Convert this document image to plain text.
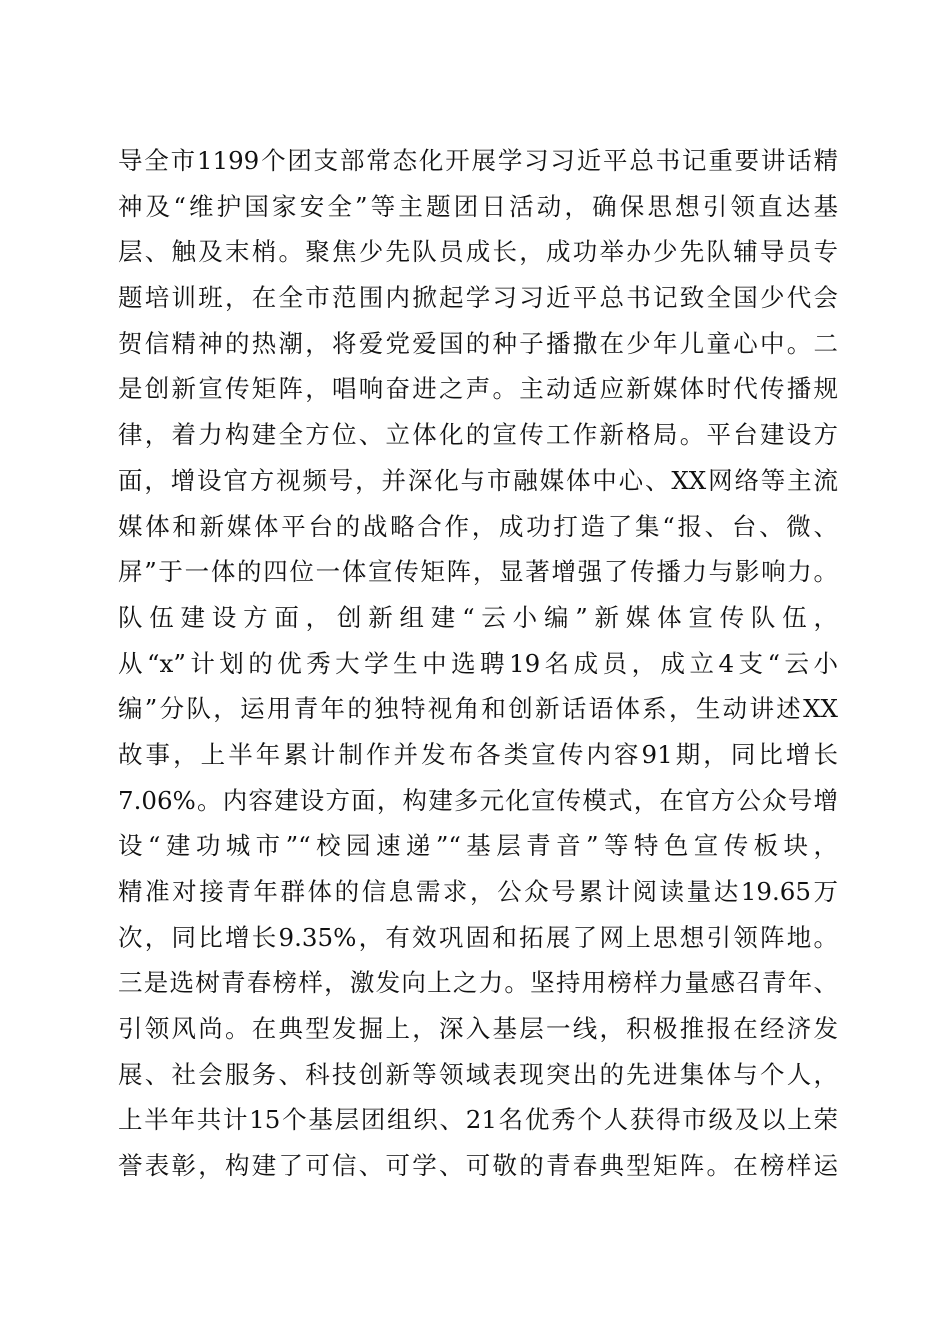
导全市1199个团支部常态化开展学习习近平总书记重要讲话精
神及“维护国家安全”等主题团日活动，确保思想引领直达基
层、触及末梢。聚焦少先队员成长，成功举办少先队辅导员专
题培训班，在全市范围内掀起学习习近平总书记致全国少代会
贺信精神的热潮，将爱党爱国的种子播撒在少年儿童心中。二
是创新宣传矩阵，唱响奋进之声。主动适应新媒体时代传播规
律，着力构建全方位、立体化的宣传工作新格局。平台建设方
面，增设官方视频号，并深化与市融媒体中心、XX网络等主流
媒体和新媒体平台的战略合作，成功打造了集“报、台、微、
屏”于一体的四位一体宣传矩阵，显著增强了传播力与影响力。
队伍建设方面，创新组建“云小编”新媒体宣传队伍，
从“x”计划的优秀大学生中选聘19名成员，成立4支“云小
编”分队，运用青年的独特视角和创新话语体系，生动讲述XX
故事，上半年累计制作并发布各类宣传内容91期，同比增长
7.06%。内容建设方面，构建多元化宣传模式，在官方公众号增
设“建功城市”“校园速递”“基层青音”等特色宣传板块，
精准对接青年群体的信息需求，公众号累计阅读量达19.65万
次，同比增长9.35%，有效巩固和拓展了网上思想引领阵地。
三是选树青春榜样，激发向上之力。坚持用榜样力量感召青年、
引领风尚。在典型发掘上，深入基层一线，积极推报在经济发
展、社会服务、科技创新等领域表现突出的先进集体与个人，
上半年共计15个基层团组织、21名优秀个人获得市级及以上荣
誉表彰，构建了可信、可学、可敬的青春典型矩阵。在榜样运
